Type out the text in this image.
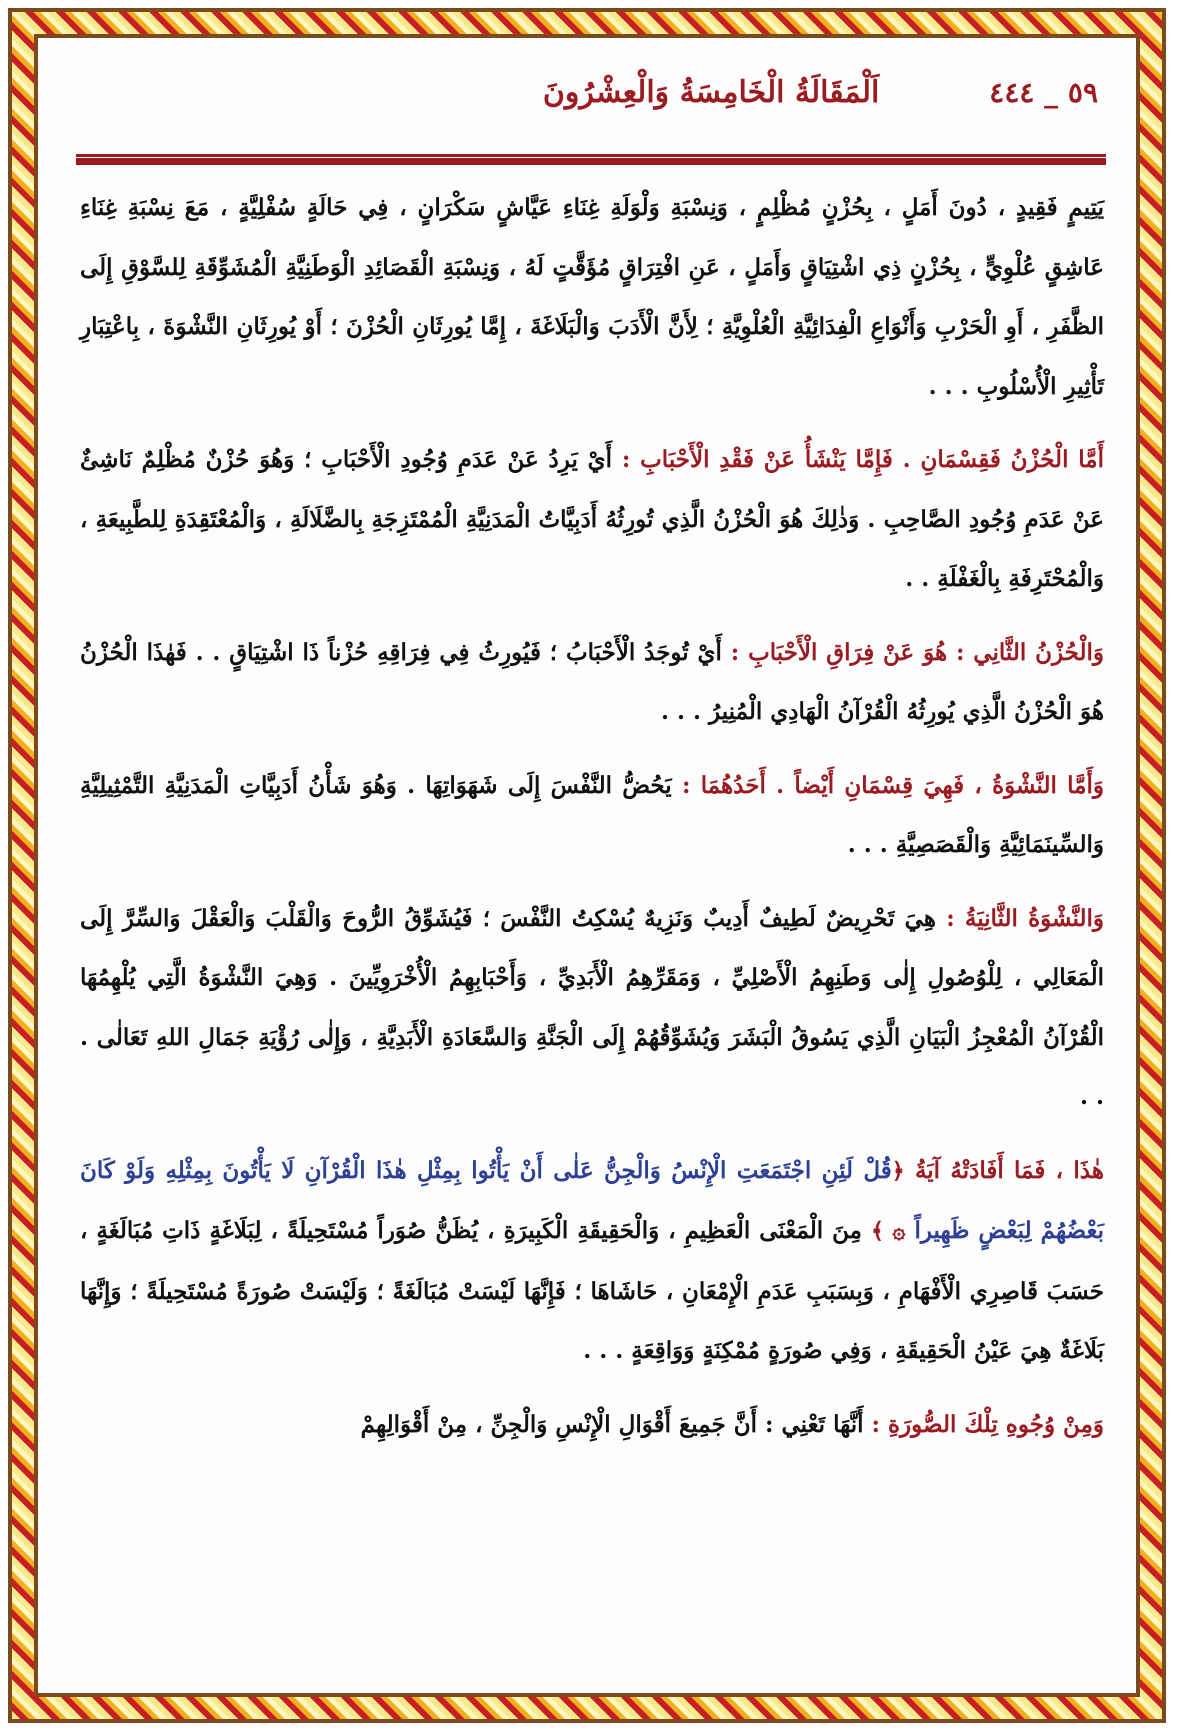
٥٩ _ ٤٤٤
اَلْمَقَالَةُ الْخَامِسَةُ وَالْعِشْرُونَ

يَتِيمٍ فَقِيدٍ ، دُونَ أَمَلٍ ، بِحُزْنٍ مُظْلِمٍ ، وَنِسْبَةِ وَلْوَلَةِ غِنَاءِ عَيَّاشٍ سَكْرَانٍ ، فِي حَالَةٍ سُفْلِيَّةٍ ، مَعَ نِسْبَةِ غِنَاءِ عَاشِقٍ عُلْوِيٍّ ، بِحُزْنٍ ذِي اشْتِيَاقٍ وَأَمَلٍ ، عَنِ افْتِرَاقٍ مُؤَقَّتٍ لَهُ ، وَنِسْبَةِ الْقَصَائِدِ الْوَطَنِيَّةِ الْمُشَوِّقَةِ لِلسَّوْقِ إِلَى الظَّفَرِ ، أَوِ الْحَرْبِ وَأَنْوَاعِ الْفِدَائِيَّةِ الْعُلْوِيَّةِ ؛ لِأَنَّ الْأَدَبَ وَالْبَلَاغَةَ ، إِمَّا يُورِثَانِ الْحُزْنَ ؛ أَوْ يُورِثَانِ النَّشْوَةَ ، بِاعْتِبَارِ تَأْثِيرِ الْأُسْلُوبِ . . .

أَمَّا الْحُزْنُ فَقِسْمَانِ . فَإِمَّا يَنْشَأُ عَنْ فَقْدِ الْأَحْبَابِ : أَيْ يَرِدُ عَنْ عَدَمِ وُجُودِ الْأَحْبَابِ ؛ وَهُوَ حُزْنٌ مُظْلِمٌ نَاشِئٌ عَنْ عَدَمِ وُجُودِ الصَّاحِبِ . وَذٰلِكَ هُوَ الْحُزْنُ الَّذِي تُورِثُهُ أَدَبِيَّاتُ الْمَدَنِيَّةِ الْمُمْتَزِجَةِ بِالضَّلَالَةِ ، وَالْمُعْتَقِدَةِ لِلطَّبِيعَةِ ، وَالْمُحْتَرِفَةِ بِالْغَفْلَةِ . .

وَالْحُزْنُ الثَّانِي : هُوَ عَنْ فِرَاقِ الْأَحْبَابِ : أَيْ تُوجَدُ الْأَحْبَابُ ؛ فَيُورِثُ فِي فِرَاقِهِ حُزْناً ذَا اشْتِيَاقٍ . . فَهٰذَا الْحُزْنُ هُوَ الْحُزْنُ الَّذِي يُورِثُهُ الْقُرْآنُ الْهَادِي الْمُنِيرُ . . .

وَأَمَّا النَّشْوَةُ ، فَهِيَ قِسْمَانِ أَيْضاً . أَحَدُهُمَا : يَحُضُّ النَّفْسَ إِلَى شَهَوَاتِهَا . وَهُوَ شَأْنُ أَدَبِيَّاتِ الْمَدَنِيَّةِ التَّمْثِيلِيَّةِ وَالسِّينَمَائِيَّةِ وَالْقَصَصِيَّةِ . . .

وَالنَّشْوَةُ الثَّانِيَةُ : هِيَ تَحْرِيضٌ لَطِيفٌ أَدِيبٌ وَنَزِيهٌ يُسْكِتُ النَّفْسَ ؛ فَيُشَوِّقُ الرُّوحَ وَالْقَلْبَ وَالْعَقْلَ وَالسِّرَّ إِلَى الْمَعَالِي ، لِلْوُصُولِ إِلٰى وَطَنِهِمُ الْأَصْلِيِّ ، وَمَقَرِّهِمُ الْأَبَدِيِّ ، وَأَحْبَابِهِمُ الْأُخْرَوِيِّينَ . وَهِيَ النَّشْوَةُ الَّتِي يُلْهِمُهَا الْقُرْآنُ الْمُعْجِزُ الْبَيَانِ الَّذِي يَسُوقُ الْبَشَرَ وَيُشَوِّقُهُمْ إِلَى الْجَنَّةِ وَالسَّعَادَةِ الْأَبَدِيَّةِ ، وَإِلٰى رُؤْيَةِ جَمَالِ اللهِ تَعَالٰى . . .

هٰذَا ، فَمَا أَفَادَتْهُ آيَةُ ﴿قُلْ لَئِنِ اجْتَمَعَتِ الْإِنْسُ وَالْجِنُّ عَلٰى أَنْ يَأْتُوا بِمِثْلِ هٰذَا الْقُرْآنِ لَا يَأْتُونَ بِمِثْلِهِ وَلَوْ كَانَ بَعْضُهُمْ لِبَعْضٍ ظَهِيراً ۞ ﴾ مِنَ الْمَعْنَى الْعَظِيمِ ، وَالْحَقِيقَةِ الْكَبِيرَةِ ، يُظَنُّ صُوَراً مُسْتَحِيلَةً ، لِبَلَاغَةٍ ذَاتِ مُبَالَغَةٍ ، حَسَبَ قَاصِرِي الْأَفْهَامِ ، وَبِسَبَبِ عَدَمِ الْإِمْعَانِ ، حَاشَاهَا ؛ فَإِنَّهَا لَيْسَتْ مُبَالَغَةً ؛ وَلَيْسَتْ صُورَةً مُسْتَحِيلَةً ؛ وَإِنَّهَا بَلَاغَةٌ هِيَ عَيْنُ الْحَقِيقَةِ ، وَفِي صُورَةٍ مُمْكِنَةٍ وَوَاقِعَةٍ . . .

وَمِنْ وُجُوهِ تِلْكَ الصُّورَةِ : أَنَّهَا تَعْنِي : أَنَّ جَمِيعَ أَقْوَالِ الْإِنْسِ وَالْجِنِّ ، مِنْ أَقْوَالِهِمْ
